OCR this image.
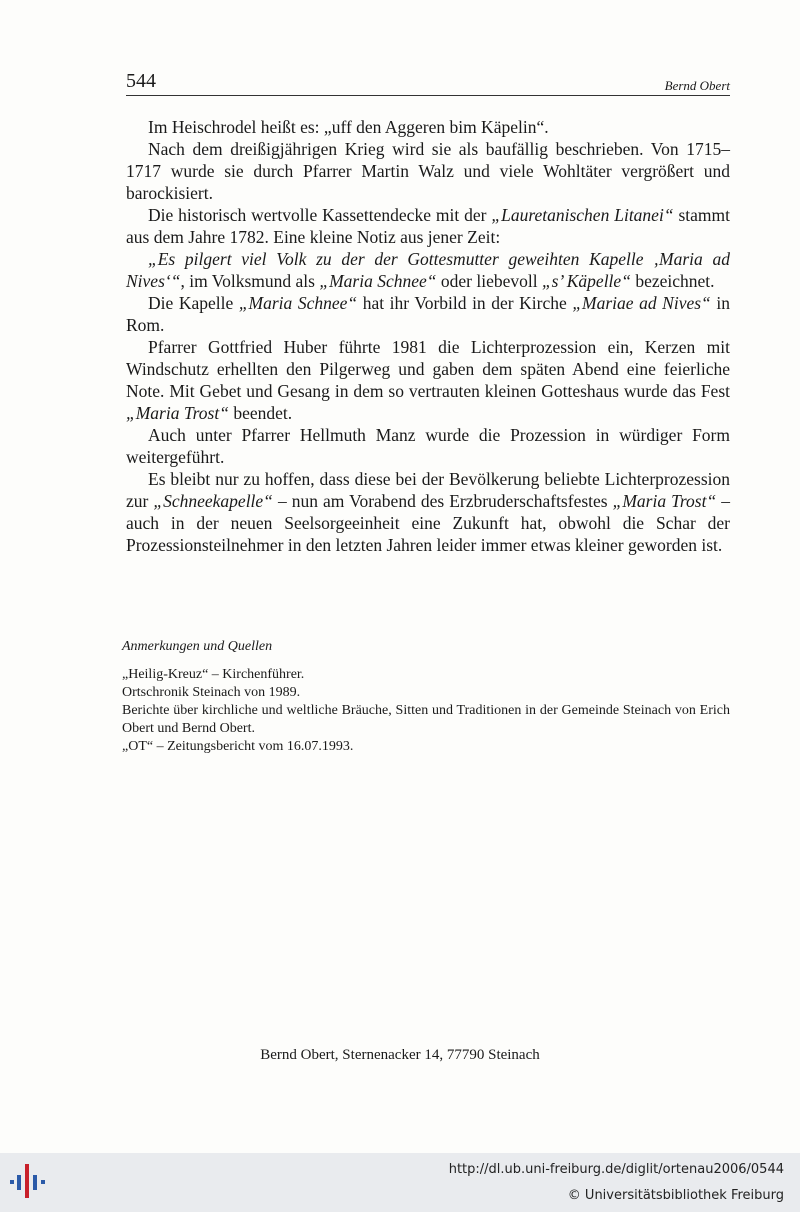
544	Bernd Obert

Im Heischrodel heißt es: „uff den Aggeren bim Käpelin“.

Nach dem dreißigjährigen Krieg wird sie als baufällig beschrieben. Von 1715–1717 wurde sie durch Pfarrer Martin Walz und viele Wohltäter vergrößert und barockisiert.

Die historisch wertvolle Kassettendecke mit der „Lauretanischen Litanei“ stammt aus dem Jahre 1782. Eine kleine Notiz aus jener Zeit:

„Es pilgert viel Volk zu der der Gottesmutter geweihten Kapelle ‚Maria ad Nives‘“, im Volksmund als „Maria Schnee“ oder liebevoll „s’ Käpelle“ bezeichnet.

Die Kapelle „Maria Schnee“ hat ihr Vorbild in der Kirche „Mariae ad Nives“ in Rom.

Pfarrer Gottfried Huber führte 1981 die Lichterprozession ein, Kerzen mit Windschutz erhellten den Pilgerweg und gaben dem späten Abend eine feierliche Note. Mit Gebet und Gesang in dem so vertrauten kleinen Gotteshaus wurde das Fest „Maria Trost“ beendet.

Auch unter Pfarrer Hellmuth Manz wurde die Prozession in würdiger Form weitergeführt.

Es bleibt nur zu hoffen, dass diese bei der Bevölkerung beliebte Lichterprozession zur „Schneekapelle“ – nun am Vorabend des Erzbruderschaftsfestes „Maria Trost“ – auch in der neuen Seelsorgeeinheit eine Zukunft hat, obwohl die Schar der Prozessionsteilnehmer in den letzten Jahren leider immer etwas kleiner geworden ist.

Anmerkungen und Quellen

„Heilig-Kreuz“ – Kirchenführer.

Ortschronik Steinach von 1989.

Berichte über kirchliche und weltliche Bräuche, Sitten und Traditionen in der Gemeinde Steinach von Erich Obert und Bernd Obert.

„OT“ – Zeitungsbericht vom 16.07.1993.

Bernd Obert, Sternenacker 14, 77790 Steinach
http://dl.ub.uni-freiburg.de/diglit/ortenau2006/0544
© Universitätsbibliothek Freiburg
